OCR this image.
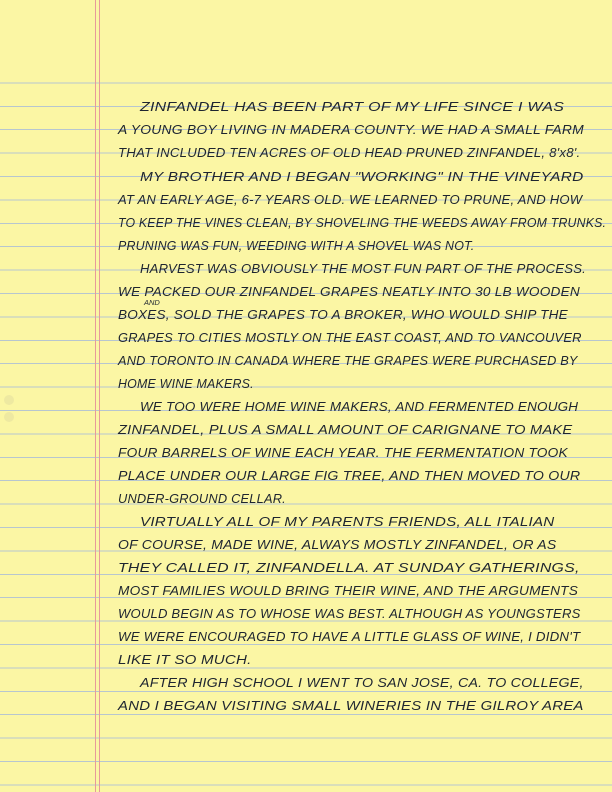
ZINFANDEL HAS BEEN PART OF MY LIFE SINCE I WAS
A YOUNG BOY LIVING IN MADERA COUNTY. WE HAD A SMALL FARM
THAT INCLUDED TEN ACRES OF OLD HEAD PRUNED ZINFANDEL, 8'x8'.
MY BROTHER AND I BEGAN "WORKING" IN THE VINEYARD
AT AN EARLY AGE, 6-7 YEARS OLD. WE LEARNED TO PRUNE, AND HOW
TO KEEP THE VINES CLEAN, BY SHOVELING THE WEEDS AWAY FROM TRUNKS.
PRUNING WAS FUN, WEEDING WITH A SHOVEL WAS NOT.
HARVEST WAS OBVIOUSLY THE MOST FUN PART OF THE PROCESS.
WE PACKED OUR ZINFANDEL GRAPES NEATLY INTO 30 LB WOODEN
AND
BOXES, SOLD THE GRAPES TO A BROKER, WHO WOULD SHIP THE
GRAPES TO CITIES MOSTLY ON THE EAST COAST, AND TO VANCOUVER
AND TORONTO IN CANADA WHERE THE GRAPES WERE PURCHASED BY
HOME WINE MAKERS.
WE TOO WERE HOME WINE MAKERS, AND FERMENTED ENOUGH
ZINFANDEL, PLUS A SMALL AMOUNT OF CARIGNANE TO MAKE
FOUR BARRELS OF WINE EACH YEAR. THE FERMENTATION TOOK
PLACE UNDER OUR LARGE FIG TREE, AND THEN MOVED TO OUR
UNDER-GROUND CELLAR.
VIRTUALLY ALL OF MY PARENTS FRIENDS, ALL ITALIAN
OF COURSE, MADE WINE, ALWAYS MOSTLY ZINFANDEL, OR AS
THEY CALLED IT, ZINFANDELLA. AT SUNDAY GATHERINGS,
MOST FAMILIES WOULD BRING THEIR WINE, AND THE ARGUMENTS
WOULD BEGIN AS TO WHOSE WAS BEST. ALTHOUGH AS YOUNGSTERS
WE WERE ENCOURAGED TO HAVE A LITTLE GLASS OF WINE, I DIDN'T
LIKE IT SO MUCH.
AFTER HIGH SCHOOL I WENT TO SAN JOSE, CA. TO COLLEGE,
AND I BEGAN VISITING SMALL WINERIES IN THE GILROY AREA
